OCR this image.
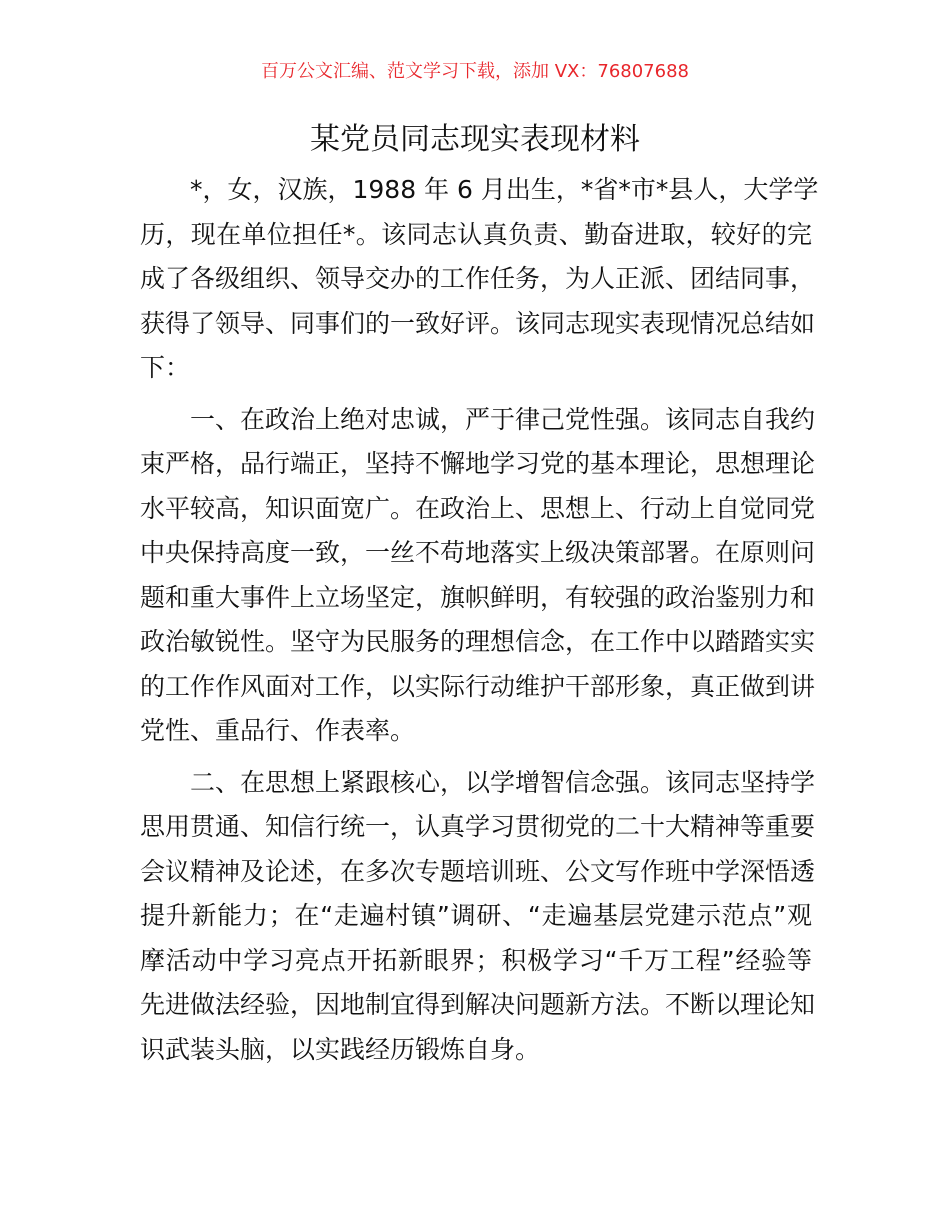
百万公文汇编、范文学习下载，添加 VX：76807688
某党员同志现实表现材料
*，女，汉族，1988 年 6 月出生，*省*市*县人，大学学
历，现在单位担任*。该同志认真负责、勤奋进取，较好的完
成了各级组织、领导交办的工作任务，为人正派、团结同事，
获得了领导、同事们的一致好评。该同志现实表现情况总结如
下：
一、在政治上绝对忠诚，严于律己党性强。该同志自我约
束严格，品行端正，坚持不懈地学习党的基本理论，思想理论
水平较高，知识面宽广。在政治上、思想上、行动上自觉同党
中央保持高度一致，一丝不苟地落实上级决策部署。在原则问
题和重大事件上立场坚定，旗帜鲜明，有较强的政治鉴别力和
政治敏锐性。坚守为民服务的理想信念，在工作中以踏踏实实
的工作作风面对工作，以实际行动维护干部形象，真正做到讲
党性、重品行、作表率。
二、在思想上紧跟核心，以学增智信念强。该同志坚持学
思用贯通、知信行统一，认真学习贯彻党的二十大精神等重要
会议精神及论述，在多次专题培训班、公文写作班中学深悟透
提升新能力；在“走遍村镇”调研、“走遍基层党建示范点”观
摩活动中学习亮点开拓新眼界；积极学习“千万工程”经验等
先进做法经验，因地制宜得到解决问题新方法。不断以理论知
识武装头脑，以实践经历锻炼自身。
